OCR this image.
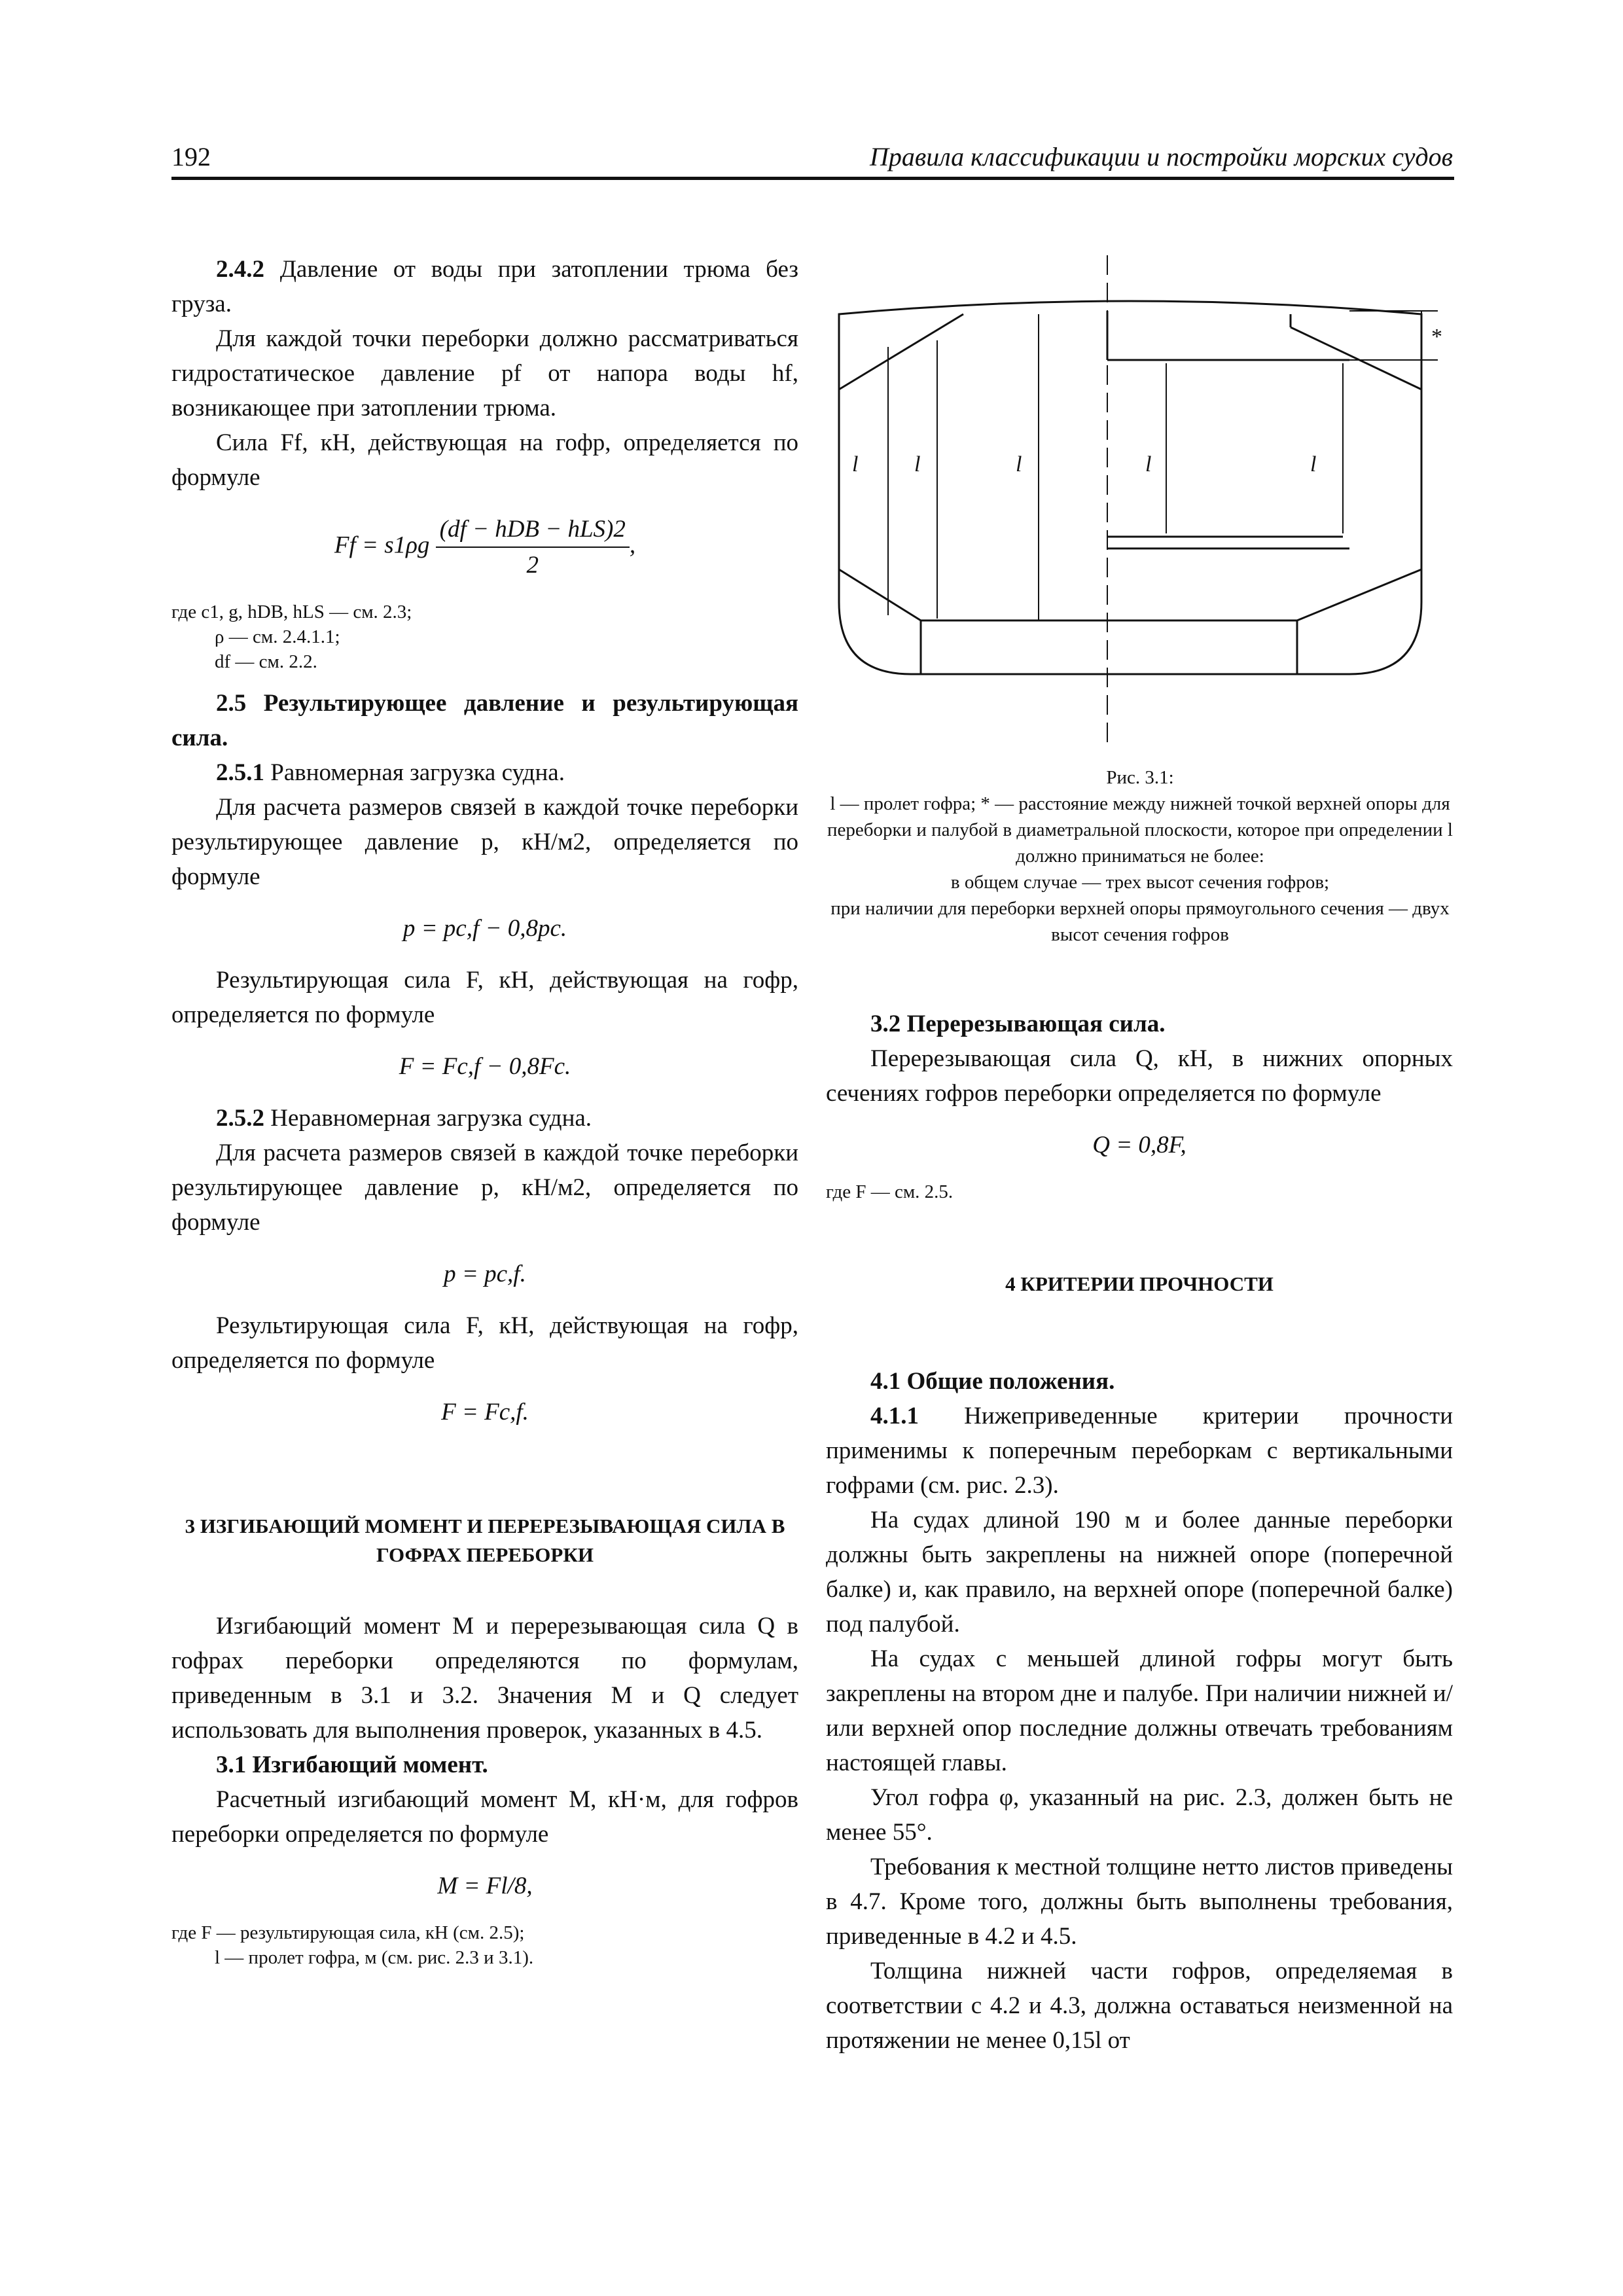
192	Правила классификации и постройки морских судов

2.4.2 Давление от воды при затоплении трюма без груза.

Для каждой точки переборки должно рассматриваться гидростатическое давление pf от напора воды hf, возникающее при затоплении трюма.

Сила Ff, кН, действующая на гофр, определяется по формуле

$Ff = s1\rho g \frac{\text{(df − hDB − hLS)2}}{2}$ ,

где c1, g, hDB, hLS — см. 2.3;

ρ — см. 2.4.1.1;

df — см. 2.2.

2.5 Результирующее давление и результирующая сила.

2.5.1 Равномерная загрузка судна.

Для расчета размеров связей в каждой точке переборки результирующее давление p, кН/м2, определяется по формуле

p = pc,f − 0,8pc.

Результирующая сила F, кН, действующая на гофр, определяется по формуле

F = Fc,f − 0,8Fc.

2.5.2 Неравномерная загрузка судна.

Для расчета размеров связей в каждой точке переборки результирующее давление p, кН/м2, определяется по формуле

p = pc,f.

Результирующая сила F, кН, действующая на гофр, определяется по формуле

F = Fc,f.

3 ИЗГИБАЮЩИЙ МОМЕНТ И ПЕРЕРЕЗЫВАЮЩАЯ СИЛА В ГОФРАХ ПЕРЕБОРКИ

Изгибающий момент M и перерезывающая сила Q в гофрах переборки определяются по формулам, приведенным в 3.1 и 3.2. Значения M и Q следует использовать для выполнения проверок, указанных в 4.5.

3.1 Изгибающий момент.

Расчетный изгибающий момент M, кН·м, для гофров переборки определяется по формуле

M = Fl/8,

где F — результирующая сила, кН (см. 2.5);

l — пролет гофра, м (см. рис. 2.3 и 3.1).

l	l	l	l	l
*
Рис. 3.1:
l — пролет гофра; * — расстояние между нижней точкой верхней опоры для переборки и палубой в диаметральной плоскости, которое при определении l должно приниматься не более:
в общем случае — трех высот сечения гофров;
при наличии для переборки верхней опоры прямоугольного сечения — двух высот сечения гофров

3.2 Перерезывающая сила.

Перерезывающая сила Q, кН, в нижних опорных сечениях гофров переборки определяется по формуле

Q = 0,8F,

где F — см. 2.5.

4 КРИТЕРИИ ПРОЧНОСТИ

4.1 Общие положения.

4.1.1 Нижеприведенные критерии прочности применимы к поперечным переборкам с вертикальными гофрами (см. рис. 2.3).

На судах длиной 190 м и более данные переборки должны быть закреплены на нижней опоре (поперечной балке) и, как правило, на верхней опоре (поперечной балке) под палубой.

На судах с меньшей длиной гофры могут быть закреплены на втором дне и палубе. При наличии нижней и/или верхней опор последние должны отвечать требованиям настоящей главы.

Угол гофра φ, указанный на рис. 2.3, должен быть не менее 55°.

Требования к местной толщине нетто листов приведены в 4.7. Кроме того, должны быть выполнены требования, приведенные в 4.2 и 4.5.

Толщина нижней части гофров, определяемая в соответствии с 4.2 и 4.3, должна оставаться неизменной на протяжении не менее 0,15l от
